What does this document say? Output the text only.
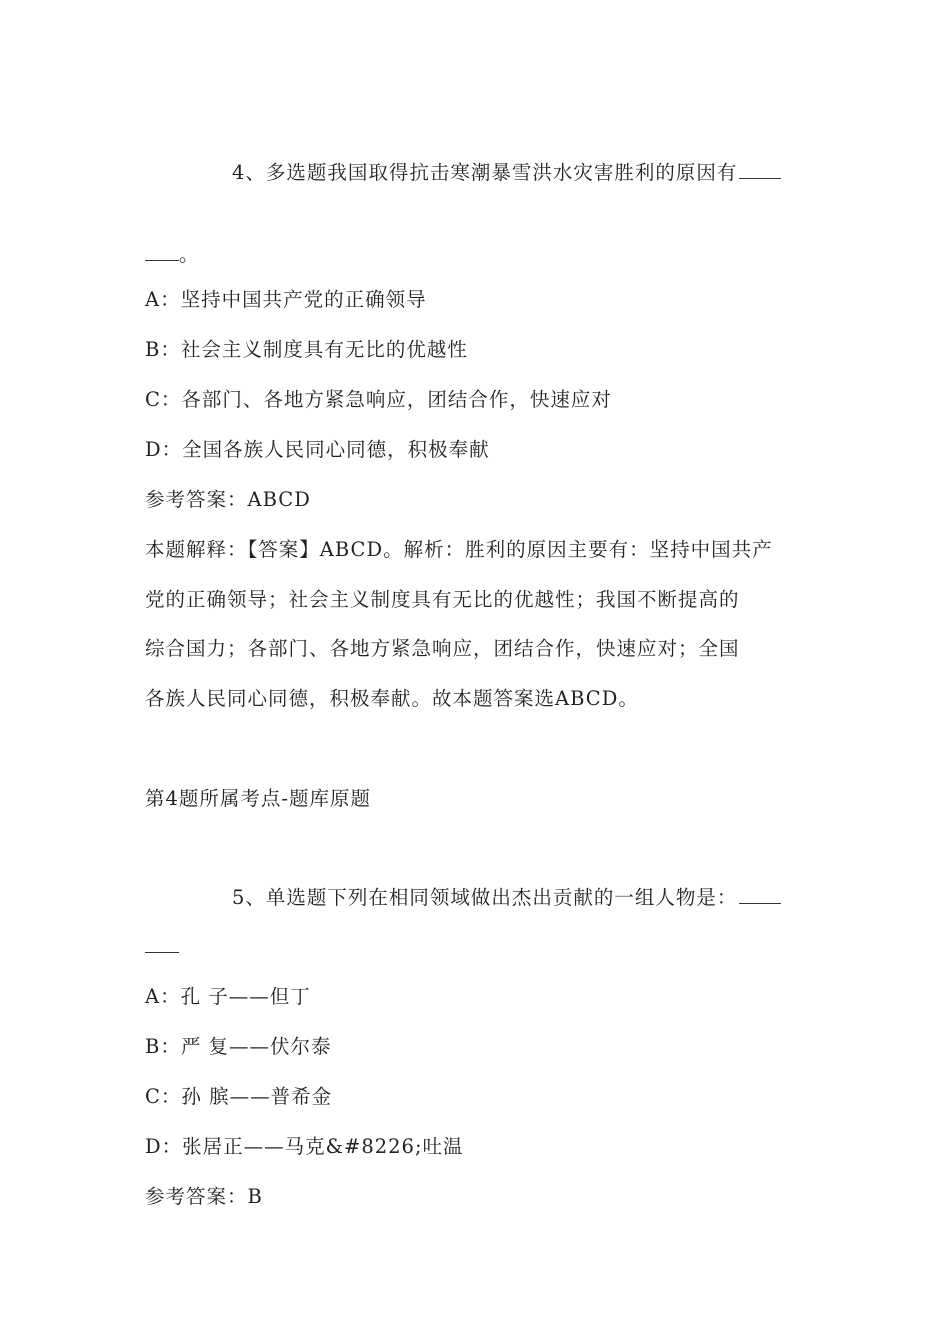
4、多选题我国取得抗击寒潮暴雪洪水灾害胜利的原因有
。
A：坚持中国共产党的正确领导
B：社会主义制度具有无比的优越性
C：各部门、各地方紧急响应，团结合作，快速应对
D：全国各族人民同心同德，积极奉献
参考答案：ABCD
本题解释：【答案】ABCD。解析：胜利的原因主要有：坚持中国共产
党的正确领导；社会主义制度具有无比的优越性；我国不断提高的
综合国力；各部门、各地方紧急响应，团结合作，快速应对；全国
各族人民同心同德，积极奉献。故本题答案选ABCD。
第4题所属考点-题库原题
5、单选题下列在相同领域做出杰出贡献的一组人物是：
A：孔 子——但丁
B：严 复——伏尔泰
C：孙 膑——普希金
D：张居正——马克&#8226;吐温
参考答案：B
